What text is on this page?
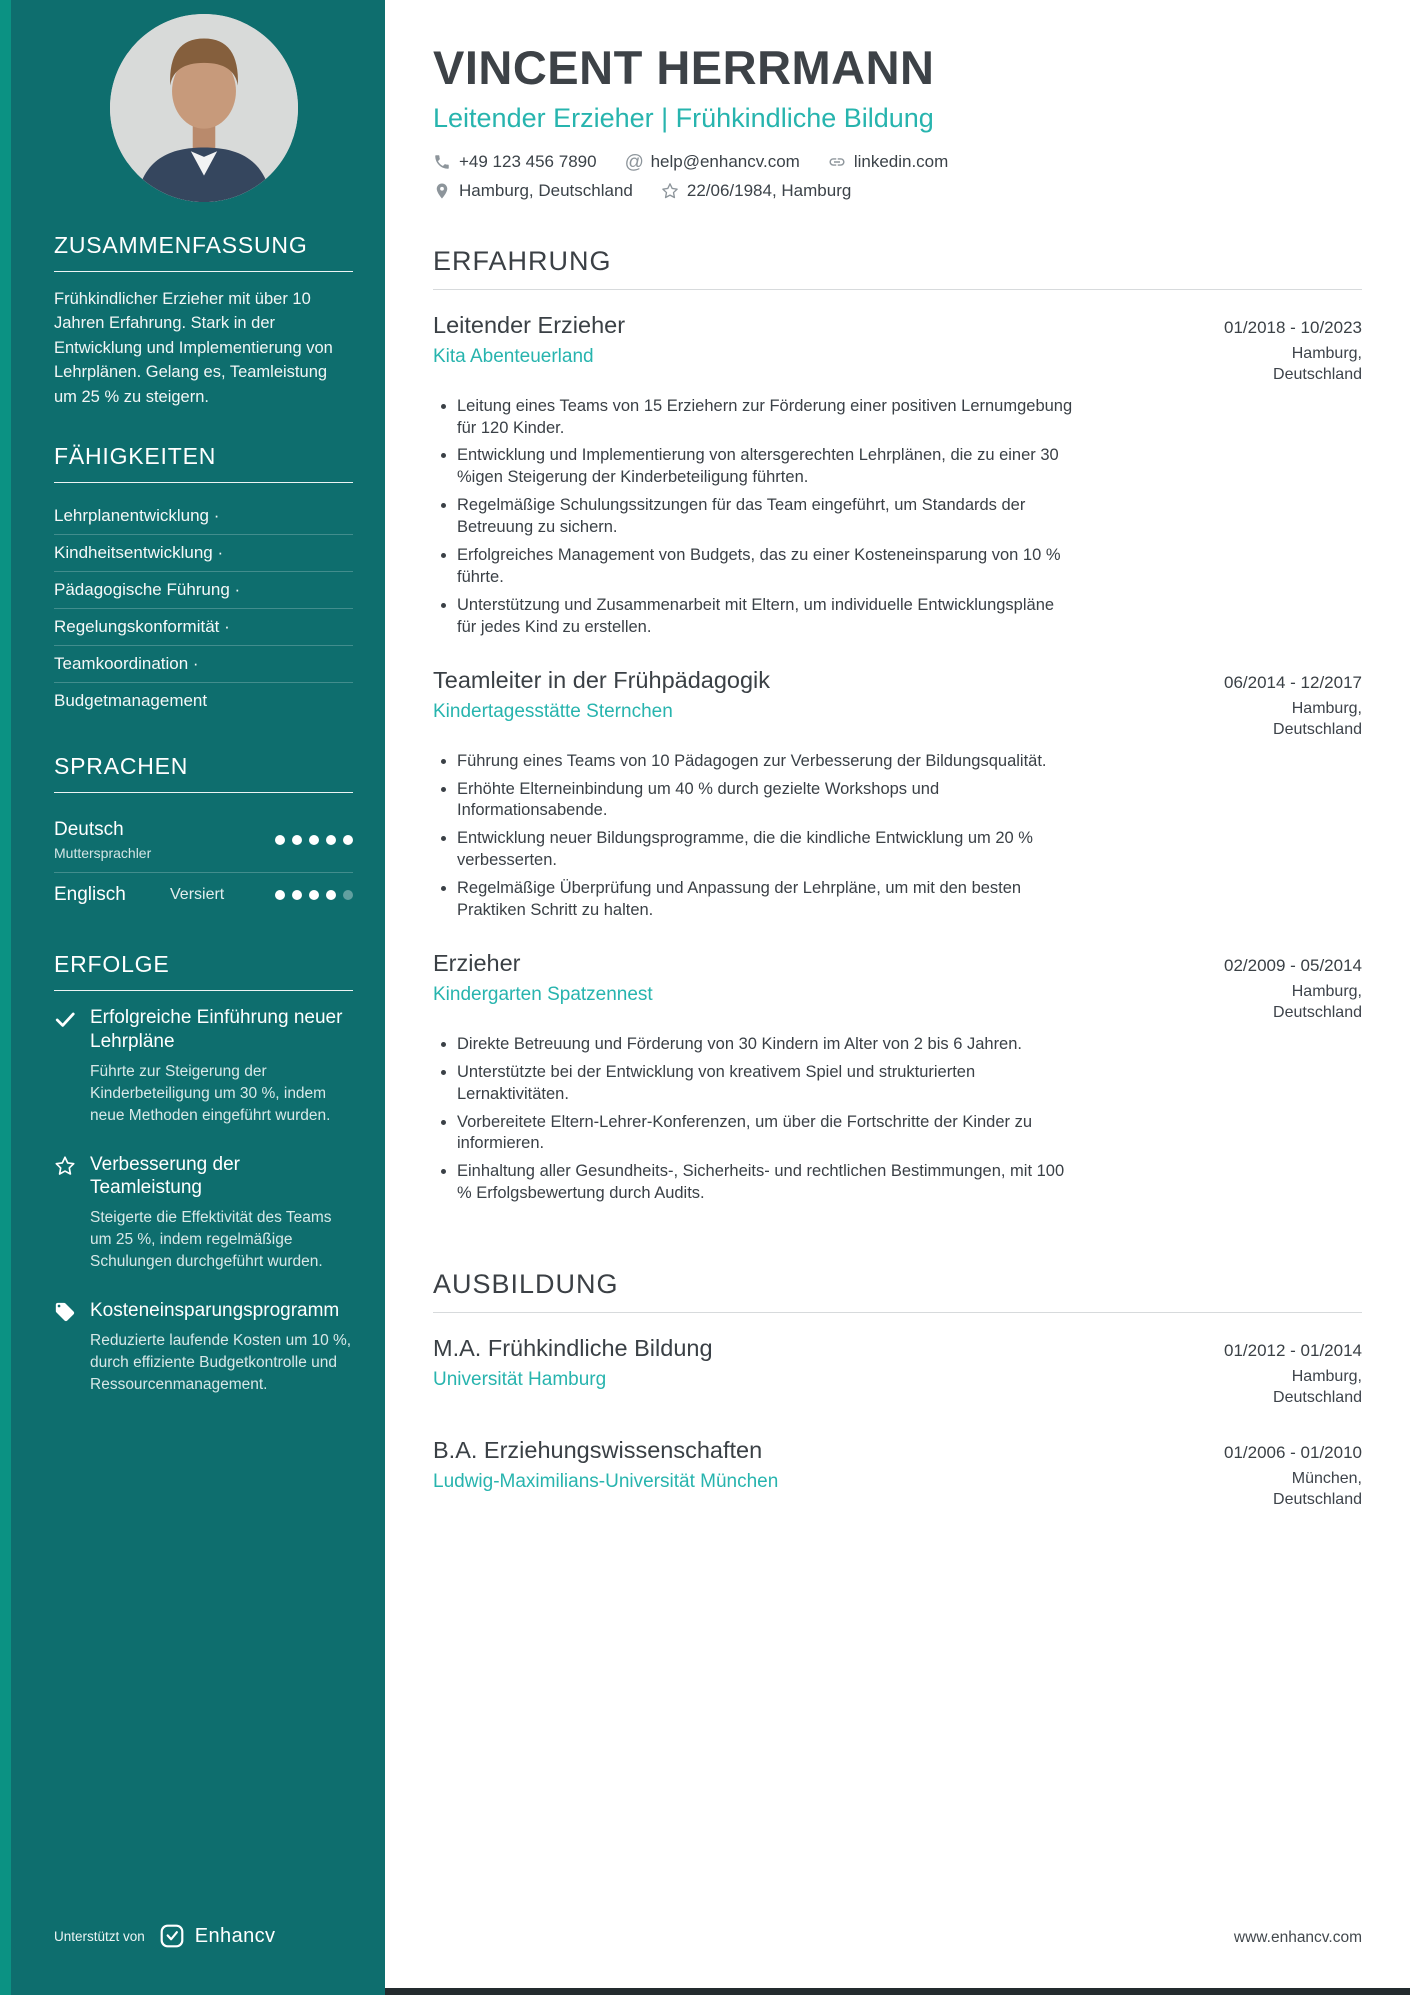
ZUSAMMENFASSUNG

Frühkindlicher Erzieher mit über 10 Jahren Erfahrung. Stark in der Entwicklung und Implementierung von Lehrplänen. Gelang es, Teamleistung um 25 % zu steigern.

FÄHIGKEITEN
Lehrplanentwicklung ·
Kindheitsentwicklung ·
Pädagogische Führung ·
Regelungskonformität ·
Teamkoordination ·
Budgetmanagement
SPRACHEN
Deutsch
Muttersprachler
Englisch	Versiert
ERFOLGE
Erfolgreiche Einführung neuer Lehrpläne
Führte zur Steigerung der Kinderbeteiligung um 30 %, indem neue Methoden eingeführt wurden.
Verbesserung der Teamleistung
Steigerte die Effektivität des Teams um 25 %, indem regelmäßige Schulungen durchgeführt wurden.
Kosteneinsparungsprogramm
Reduzierte laufende Kosten um 10 %, durch effiziente Budgetkontrolle und Ressourcenmanagement.
Unterstützt von	Enhancv
VINCENT HERRMANN
Leitender Erzieher | Frühkindliche Bildung
+49 123 456 7890 @ help@enhancv.com	linkedin.com
Hamburg, Deutschland	22/06/1984, Hamburg
ERFAHRUNG
Leitender Erzieher	01/2018 - 10/2023
Kita Abenteuerland	Hamburg, Deutschland
• Leitung eines Teams von 15 Erziehern zur Förderung einer positiven Lernumgebung für 120 Kinder.
• Entwicklung und Implementierung von altersgerechten Lehrplänen, die zu einer 30 %igen Steigerung der Kinderbeteiligung führten.
• Regelmäßige Schulungssitzungen für das Team eingeführt, um Standards der Betreuung zu sichern.
• Erfolgreiches Management von Budgets, das zu einer Kosteneinsparung von 10 % führte.
• Unterstützung und Zusammenarbeit mit Eltern, um individuelle Entwicklungspläne für jedes Kind zu erstellen.
Teamleiter in der Frühpädagogik	06/2014 - 12/2017
Kindertagesstätte Sternchen	Hamburg, Deutschland
• Führung eines Teams von 10 Pädagogen zur Verbesserung der Bildungsqualität.
• Erhöhte Elterneinbindung um 40 % durch gezielte Workshops und Informationsabende.
• Entwicklung neuer Bildungsprogramme, die die kindliche Entwicklung um 20 % verbesserten.
• Regelmäßige Überprüfung und Anpassung der Lehrpläne, um mit den besten Praktiken Schritt zu halten.
Erzieher	02/2009 - 05/2014
Kindergarten Spatzennest	Hamburg, Deutschland
• Direkte Betreuung und Förderung von 30 Kindern im Alter von 2 bis 6 Jahren.
• Unterstützte bei der Entwicklung von kreativem Spiel und strukturierten Lernaktivitäten.
• Vorbereitete Eltern-Lehrer-Konferenzen, um über die Fortschritte der Kinder zu informieren.
• Einhaltung aller Gesundheits-, Sicherheits- und rechtlichen Bestimmungen, mit 100 % Erfolgsbewertung durch Audits.
AUSBILDUNG
M.A. Frühkindliche Bildung	01/2012 - 01/2014
Universität Hamburg	Hamburg, Deutschland
B.A. Erziehungswissenschaften	01/2006 - 01/2010
Ludwig-Maximilians-Universität München	München, Deutschland
www.enhancv.com
